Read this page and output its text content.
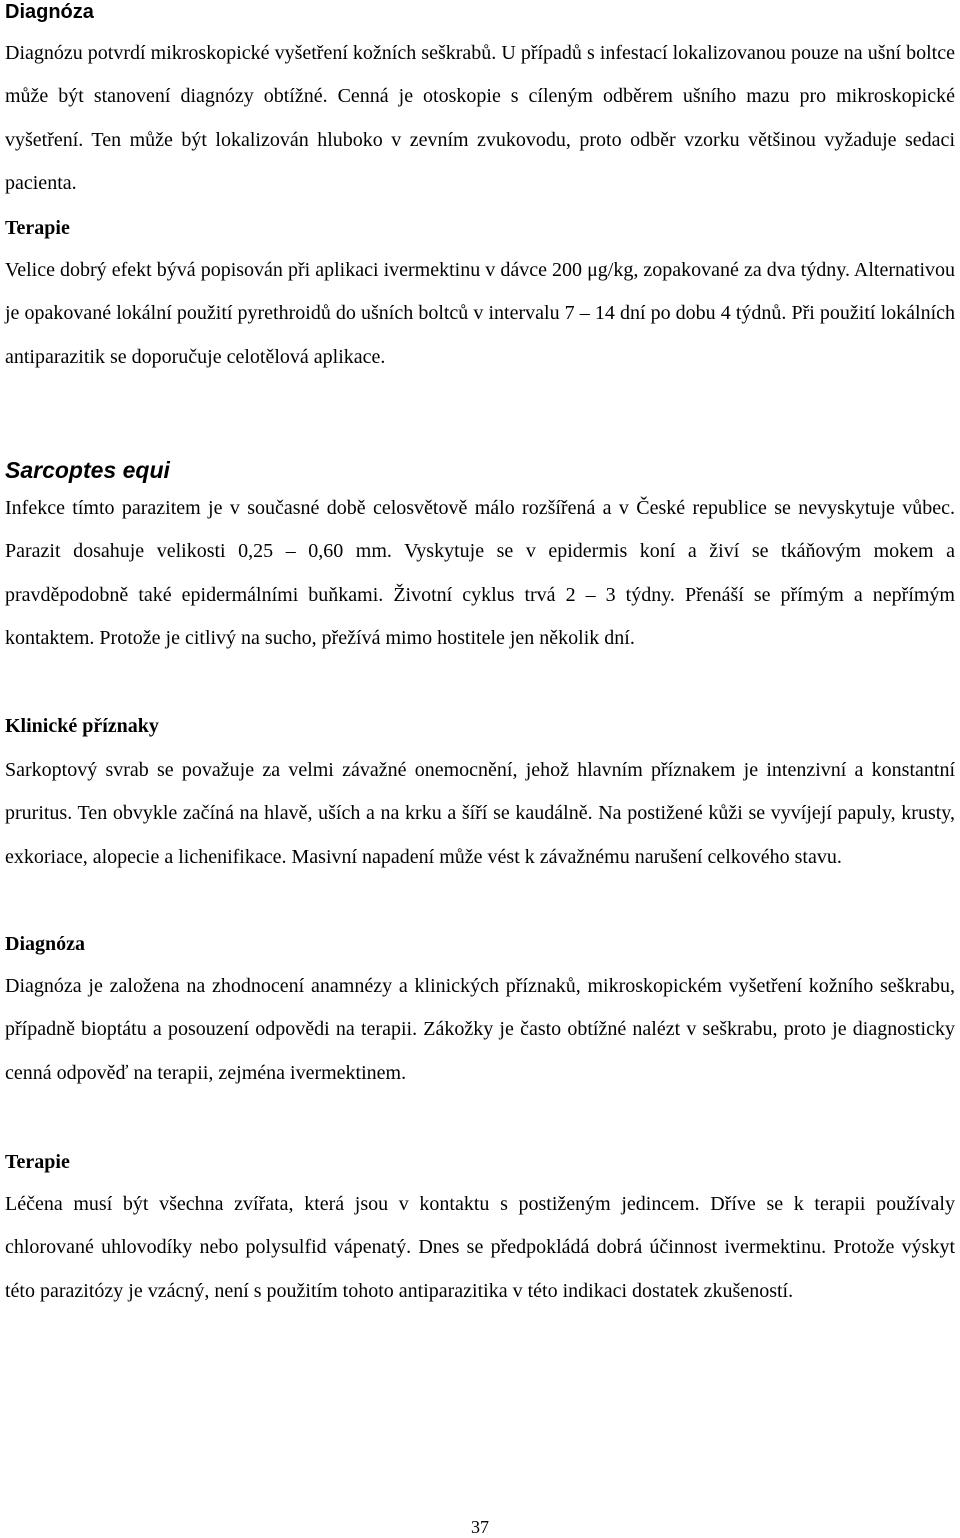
Diagnóza

Diagnózu potvrdí mikroskopické vyšetření kožních seškrabů. U případů s infestací lokalizovanou pouze na ušní boltce může být stanovení diagnózy obtížné. Cenná je otoskopie s cíleným odběrem ušního mazu pro mikroskopické vyšetření. Ten může být lokalizován hluboko v zevním zvukovodu, proto odběr vzorku většinou vyžaduje sedaci pacienta.

Terapie

Velice dobrý efekt bývá popisován při aplikaci ivermektinu v dávce 200 μg/kg, zopakované za dva týdny. Alternativou je opakované lokální použití pyrethroidů do ušních boltců v intervalu 7 – 14 dní po dobu 4 týdnů. Při použití lokálních antiparazitik se doporučuje celotělová aplikace.

Sarcoptes equi

Infekce tímto parazitem je v současné době celosvětově málo rozšířená a v České republice se nevyskytuje vůbec. Parazit dosahuje velikosti 0,25 – 0,60 mm. Vyskytuje se v epidermis koní a živí se tkáňovým mokem a pravděpodobně také epidermálními buňkami. Životní cyklus trvá 2 – 3 týdny. Přenáší se přímým a nepřímým kontaktem. Protože je citlivý na sucho, přežívá mimo hostitele jen několik dní.

Klinické příznaky

Sarkoptový svrab se považuje za velmi závažné onemocnění, jehož hlavním příznakem je intenzivní a konstantní pruritus. Ten obvykle začíná na hlavě, uších a na krku a šíří se kaudálně. Na postižené kůži se vyvíjejí papuly, krusty, exkoriace, alopecie a lichenifikace. Masivní napadení může vést k závažnému narušení celkového stavu.

Diagnóza

Diagnóza je založena na zhodnocení anamnézy a klinických příznaků, mikroskopickém vyšetření kožního seškrabu, případně bioptátu a posouzení odpovědi na terapii. Zákožky je často obtížné nalézt v seškrabu, proto je diagnosticky cenná odpověď na terapii, zejména ivermektinem.

Terapie

Léčena musí být všechna zvířata, která jsou v kontaktu s postiženým jedincem. Dříve se k terapii používaly chlorované uhlovodíky nebo polysulfid vápenatý. Dnes se předpokládá dobrá účinnost ivermektinu. Protože výskyt této parazitózy je vzácný, není s použitím tohoto antiparazitika v této indikaci dostatek zkušeností.

37
